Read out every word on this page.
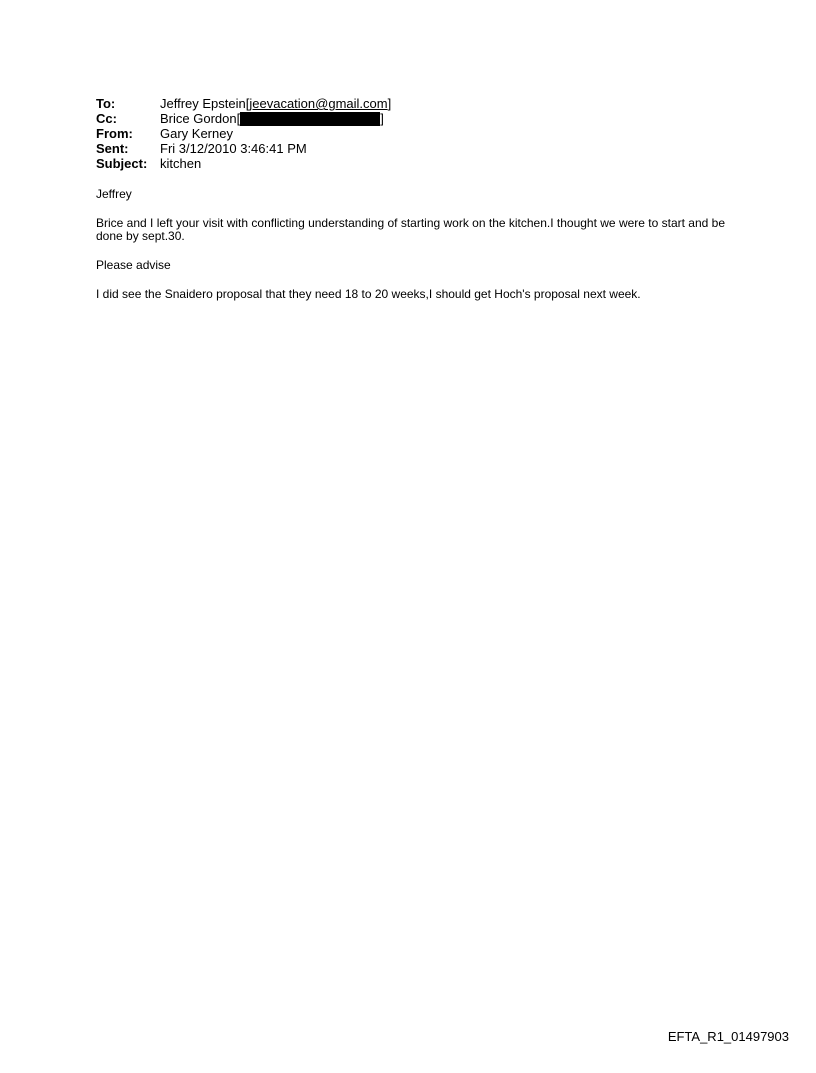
To:	Jeffrey Epstein[ jeevacation@gmail.com ]
Cc:	Brice Gordon[	]
From:	Gary Kerney
Sent:	Fri 3/12/2010 3:46:41 PM
Subject: kitchen

Jeffrey

Brice and I left your visit with conflicting understanding of starting work on the kitchen.I thought we were to start and be done by sept.30.

Please advise

I did see the Snaidero proposal that they need 18 to 20 weeks,I should get Hoch's proposal next week.

EFTA_R1_01497903
